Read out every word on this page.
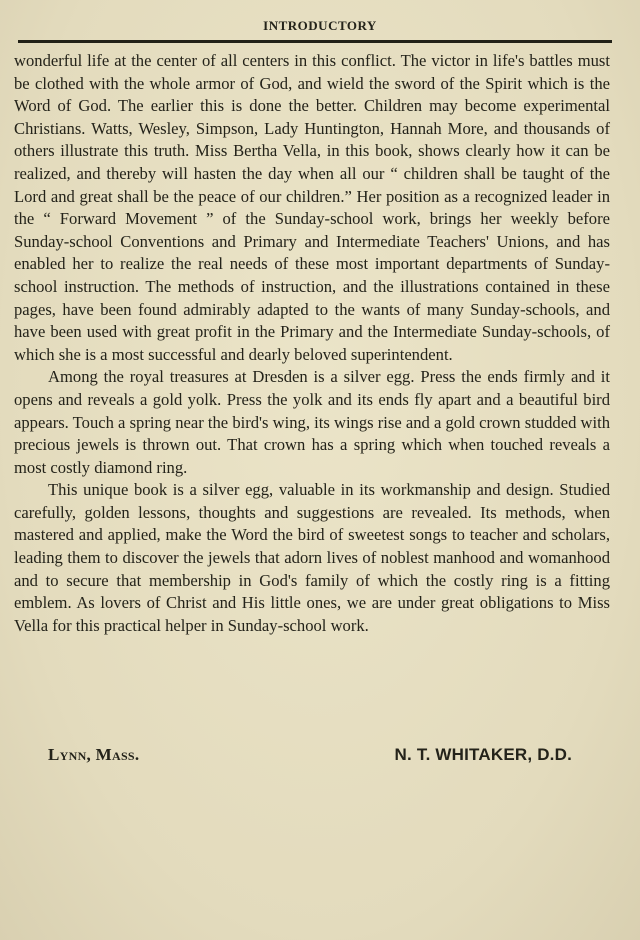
INTRODUCTORY

wonderful life at the center of all centers in this conflict. The victor in life's battles must be clothed with the whole armor of God, and wield the sword of the Spirit which is the Word of God. The earlier this is done the better. Children may become experimental Christians. Watts, Wesley, Simpson, Lady Huntington, Hannah More, and thousands of others illustrate this truth. Miss Bertha Vella, in this book, shows clearly how it can be realized, and thereby will hasten the day when all our “ children shall be taught of the Lord and great shall be the peace of our children.” Her position as a recognized leader in the “ Forward Movement ” of the Sunday-school work, brings her weekly before Sunday-school Conventions and Primary and Intermediate Teachers' Unions, and has enabled her to realize the real needs of these most important departments of Sunday-school instruction. The methods of instruction, and the illustrations contained in these pages, have been found admirably adapted to the wants of many Sunday-schools, and have been used with great profit in the Primary and the Intermediate Sunday-schools, of which she is a most successful and dearly beloved superintendent.

Among the royal treasures at Dresden is a silver egg. Press the ends firmly and it opens and reveals a gold yolk. Press the yolk and its ends fly apart and a beautiful bird appears. Touch a spring near the bird's wing, its wings rise and a gold crown studded with precious jewels is thrown out. That crown has a spring which when touched reveals a most costly diamond ring.

This unique book is a silver egg, valuable in its workmanship and design. Studied carefully, golden lessons, thoughts and suggestions are revealed. Its methods, when mastered and applied, make the Word the bird of sweetest songs to teacher and scholars, leading them to discover the jewels that adorn lives of noblest manhood and womanhood and to secure that membership in God's family of which the costly ring is a fitting emblem. As lovers of Christ and His little ones, we are under great obligations to Miss Vella for this practical helper in Sunday-school work.

Lynn, Mass.	N. T. WHITAKER, D.D.
